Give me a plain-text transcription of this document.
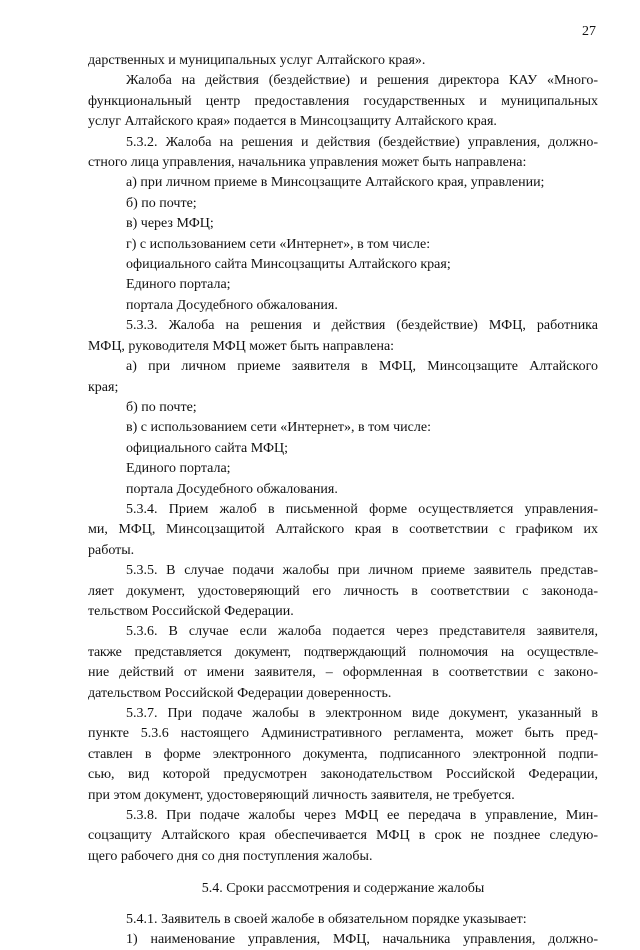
27

дарственных и муниципальных услуг Алтайского края».

Жалоба на действия (бездействие) и решения директора КАУ «Много-

функциональный центр предоставления государственных и муниципальных

услуг Алтайского края» подается в Минсоцзащиту Алтайского края.

5.3.2. Жалоба на решения и действия (бездействие) управления, должно-

стного лица управления, начальника управления может быть направлена:

а) при личном приеме в Минсоцзащите Алтайского края, управлении;

б) по почте;

в) через МФЦ;

г) с использованием сети «Интернет», в том числе:

официального сайта Минсоцзащиты Алтайского края;

Единого портала;

портала Досудебного обжалования.

5.3.3. Жалоба на решения и действия (бездействие) МФЦ, работника

МФЦ, руководителя МФЦ может быть направлена:

а) при личном приеме заявителя в МФЦ, Минсоцзащите Алтайского

края;

б) по почте;

в) с использованием сети «Интернет», в том числе:

официального сайта МФЦ;

Единого портала;

портала Досудебного обжалования.

5.3.4. Прием жалоб в письменной форме осуществляется управления-

ми, МФЦ, Минсоцзащитой Алтайского края в соответствии с графиком их

работы.

5.3.5. В случае подачи жалобы при личном приеме заявитель представ-

ляет документ, удостоверяющий его личность в соответствии с законода-

тельством Российской Федерации.

5.3.6. В случае если жалоба подается через представителя заявителя,

также представляется документ, подтверждающий полномочия на осуществле-

ние действий от имени заявителя, – оформленная в соответствии с законо-

дательством Российской Федерации доверенность.

5.3.7. При подаче жалобы в электронном виде документ, указанный в

пункте 5.3.6 настоящего Административного регламента, может быть пред-

ставлен в форме электронного документа, подписанного электронной подпи-

сью, вид которой предусмотрен законодательством Российской Федерации,

при этом документ, удостоверяющий личность заявителя, не требуется.

5.3.8. При подаче жалобы через МФЦ ее передача в управление, Мин-

соцзащиту Алтайского края обеспечивается МФЦ в срок не позднее следую-

щего рабочего дня со дня поступления жалобы.

5.4. Сроки рассмотрения и содержание жалобы

5.4.1. Заявитель в своей жалобе в обязательном порядке указывает:

1) наименование управления, МФЦ, начальника управления, должно-
